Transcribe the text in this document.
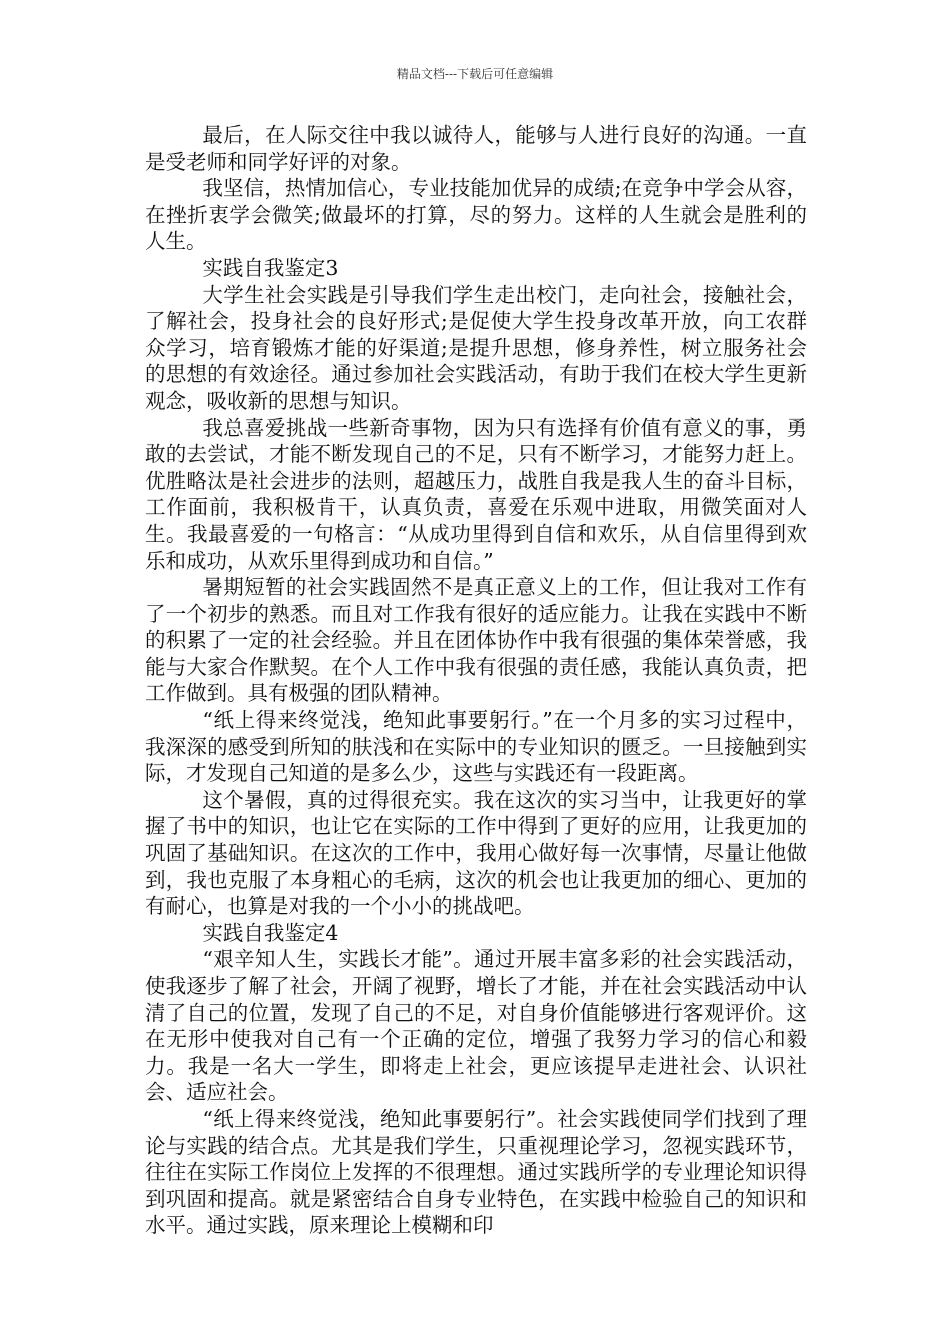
精品文档---下载后可任意编辑

最后，在人际交往中我以诚待人，能够与人进行良好的沟通。一直是受老师和同学好评的对象。

我坚信，热情加信心，专业技能加优异的成绩;在竞争中学会从容，在挫折衷学会微笑;做最坏的打算，尽的努力。这样的人生就会是胜利的人生。

实践自我鉴定3

大学生社会实践是引导我们学生走出校门，走向社会，接触社会，了解社会，投身社会的良好形式;是促使大学生投身改革开放，向工农群众学习，培育锻炼才能的好渠道;是提升思想，修身养性，树立服务社会的思想的有效途径。通过参加社会实践活动，有助于我们在校大学生更新观念，吸收新的思想与知识。

我总喜爱挑战一些新奇事物，因为只有选择有价值有意义的事，勇敢的去尝试，才能不断发现自己的不足，只有不断学习，才能努力赶上。优胜略汰是社会进步的法则，超越压力，战胜自我是我人生的奋斗目标，工作面前，我积极肯干，认真负责，喜爱在乐观中进取，用微笑面对人生。我最喜爱的一句格言：“从成功里得到自信和欢乐，从自信里得到欢乐和成功，从欢乐里得到成功和自信。”

暑期短暂的社会实践固然不是真正意义上的工作，但让我对工作有了一个初步的熟悉。而且对工作我有很好的适应能力。让我在实践中不断的积累了一定的社会经验。并且在团体协作中我有很强的集体荣誉感，我能与大家合作默契。在个人工作中我有很强的责任感，我能认真负责，把工作做到。具有极强的团队精神。

“纸上得来终觉浅，绝知此事要躬行。”在一个月多的实习过程中，我深深的感受到所知的肤浅和在实际中的专业知识的匮乏。一旦接触到实际，才发现自己知道的是多么少，这些与实践还有一段距离。

这个暑假，真的过得很充实。我在这次的实习当中，让我更好的掌握了书中的知识，也让它在实际的工作中得到了更好的应用，让我更加的巩固了基础知识。在这次的工作中，我用心做好每一次事情，尽量让他做到，我也克服了本身粗心的毛病，这次的机会也让我更加的细心、更加的有耐心，也算是对我的一个小小的挑战吧。

实践自我鉴定4

“艰辛知人生，实践长才能”。通过开展丰富多彩的社会实践活动，使我逐步了解了社会，开阔了视野，增长了才能，并在社会实践活动中认清了自己的位置，发现了自己的不足，对自身价值能够进行客观评价。这在无形中使我对自己有一个正确的定位，增强了我努力学习的信心和毅力。我是一名大一学生，即将走上社会，更应该提早走进社会、认识社会、适应社会。

“纸上得来终觉浅，绝知此事要躬行”。社会实践使同学们找到了理论与实践的结合点。尤其是我们学生，只重视理论学习，忽视实践环节，往往在实际工作岗位上发挥的不很理想。通过实践所学的专业理论知识得到巩固和提高。就是紧密结合自身专业特色，在实践中检验自己的知识和水平。通过实践，原来理论上模糊和印
